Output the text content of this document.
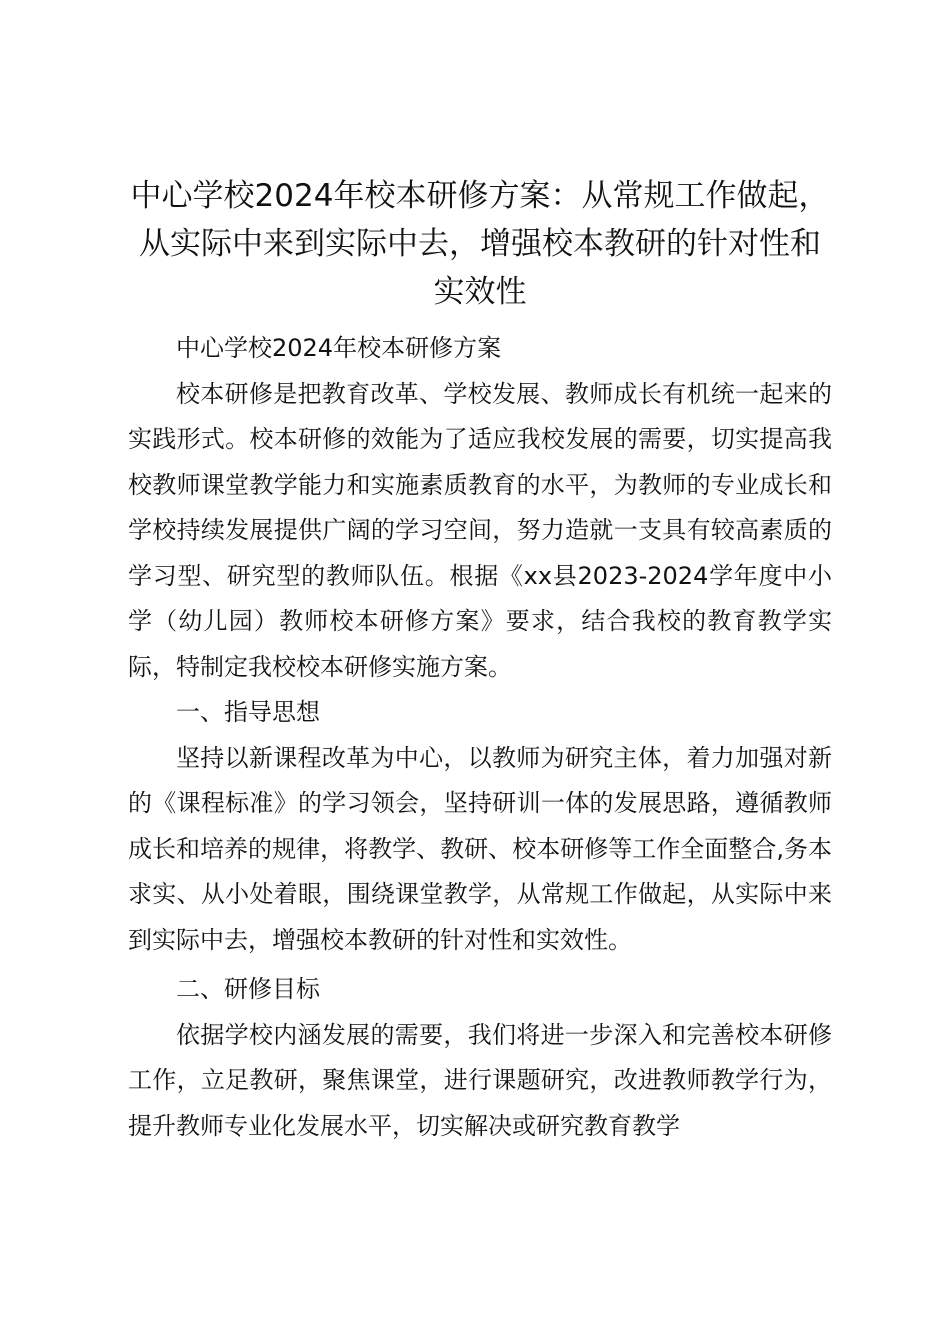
中心学校2024年校本研修方案：从常规工作做起，从实际中来到实际中去，增强校本教研的针对性和实效性

中心学校2024年校本研修方案

校本研修是把教育改革、学校发展、教师成长有机统一起来的实践形式。校本研修的效能为了适应我校发展的需要，切实提高我校教师课堂教学能力和实施素质教育的水平，为教师的专业成长和学校持续发展提供广阔的学习空间，努力造就一支具有较高素质的学习型、研究型的教师队伍。根据《xx县2023-2024学年度中小学（幼儿园）教师校本研修方案》要求，结合我校的教育教学实际，特制定我校校本研修实施方案。

一、指导思想

坚持以新课程改革为中心，以教师为研究主体，着力加强对新的《课程标准》的学习领会，坚持研训一体的发展思路，遵循教师成长和培养的规律，将教学、教研、校本研修等工作全面整合,务本求实、从小处着眼，围绕课堂教学，从常规工作做起，从实际中来到实际中去，增强校本教研的针对性和实效性。

二、研修目标

依据学校内涵发展的需要，我们将进一步深入和完善校本研修工作，立足教研，聚焦课堂，进行课题研究，改进教师教学行为，提升教师专业化发展水平，切实解决或研究教育教学
